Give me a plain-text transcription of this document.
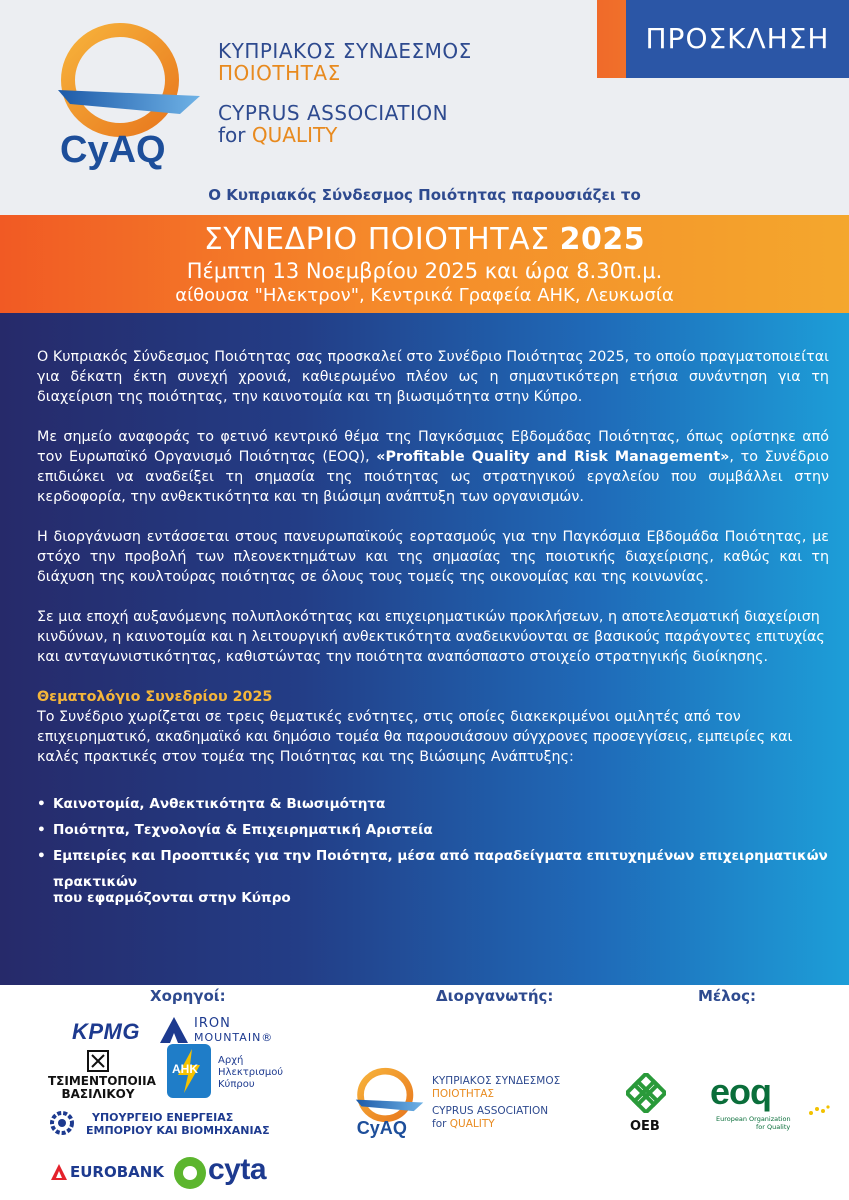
CyAQ
ΚΥΠΡΙΑΚΟΣ ΣΥΝΔΕΣΜΟΣ
ΠΟΙΟΤΗΤΑΣ
CYPRUS ASSOCIATION
for QUALITY
ΠΡΟΣΚΛΗΣΗ
Ο Κυπριακός Σύνδεσμος Ποιότητας παρουσιάζει το
ΣΥΝΕΔΡΙΟ ΠΟΙΟΤΗΤΑΣ 2025
Πέμπτη 13 Νοεμβρίου 2025 και ώρα 8.30π.μ.
αίθουσα "Ηλεκτρον", Κεντρικά Γραφεία ΑΗΚ, Λευκωσία

Ο Κυπριακός Σύνδεσμος Ποιότητας σας προσκαλεί στο Συνέδριο Ποιότητας 2025, το οποίο πραγματοποιείται για δέκατη έκτη συνεχή χρονιά, καθιερωμένο πλέον ως η σημαντικότερη ετήσια συνάντηση για τη διαχείριση της ποιότητας, την καινοτομία και τη βιωσιμότητα στην Κύπρο.

Με σημείο αναφοράς το φετινό κεντρικό θέμα της Παγκόσμιας Εβδομάδας Ποιότητας, όπως ορίστηκε από τον Ευρωπαϊκό Οργανισμό Ποιότητας (EOQ), «Profitable Quality and Risk Management», το Συνέδριο επιδιώκει να αναδείξει τη σημασία της ποιότητας ως στρατηγικού εργαλείου που συμβάλλει στην κερδοφορία, την ανθεκτικότητα και τη βιώσιμη ανάπτυξη των οργανισμών.

Η διοργάνωση εντάσσεται στους πανευρωπαϊκούς εορτασμούς για την Παγκόσμια Εβδομάδα Ποιότητας, με στόχο την προβολή των πλεονεκτημάτων και της σημασίας της ποιοτικής διαχείρισης, καθώς και τη διάχυση της κουλτούρας ποιότητας σε όλους τους τομείς της οικονομίας και της κοινωνίας.

Σε μια εποχή αυξανόμενης πολυπλοκότητας και επιχειρηματικών προκλήσεων, η αποτελεσματική διαχείριση κινδύνων, η καινοτομία και η λειτουργική ανθεκτικότητα αναδεικνύονται σε βασικούς παράγοντες επιτυχίας και ανταγωνιστικότητας, καθιστώντας την ποιότητα αναπόσπαστο στοιχείο στρατηγικής διοίκησης.

Θεματολόγιο Συνεδρίου 2025

Το Συνέδριο χωρίζεται σε τρεις θεματικές ενότητες, στις οποίες διακεκριμένοι ομιλητές από τον επιχειρηματικό, ακαδημαϊκό και δημόσιο τομέα θα παρουσιάσουν σύγχρονες προσεγγίσεις, εμπειρίες και καλές πρακτικές στον τομέα της Ποιότητας και της Βιώσιμης Ανάπτυξης:

• Καινοτομία, Ανθεκτικότητα & Βιωσιμότητα
• Ποιότητα, Τεχνολογία & Επιχειρηματική Αριστεία
• Εμπειρίες και Προοπτικές για την Ποιότητα, μέσα από παραδείγματα επιτυχημένων επιχειρηματικών πρακτικών
που εφαρμόζονται στην Κύπρο
Χορηγοί:	Διοργανωτής:	Μέλος:
KPMG	IRON
MOUNTAIN®
ΤΣΙΜΕΝΤΟΠΟΙΙΑ
ΒΑΣΙΛΙΚΟΥ
ΑΗΚ
Αρχή
Ηλεκτρισμού
Κύπρου
ΥΠΟΥΡΓΕΙΟ ΕΝΕΡΓΕΙΑΣ
ΕΜΠΟΡΙΟΥ ΚΑΙ ΒΙΟΜΗΧΑΝΙΑΣ
EUROBANK cyta
CyAQ
ΚΥΠΡΙΑΚΟΣ ΣΥΝΔΕΣΜΟΣ
ΠΟΙΟΤΗΤΑΣ
CYPRUS ASSOCIATION
for QUALITY	ΟΕΒ
eoq
European Organization
for Quality
